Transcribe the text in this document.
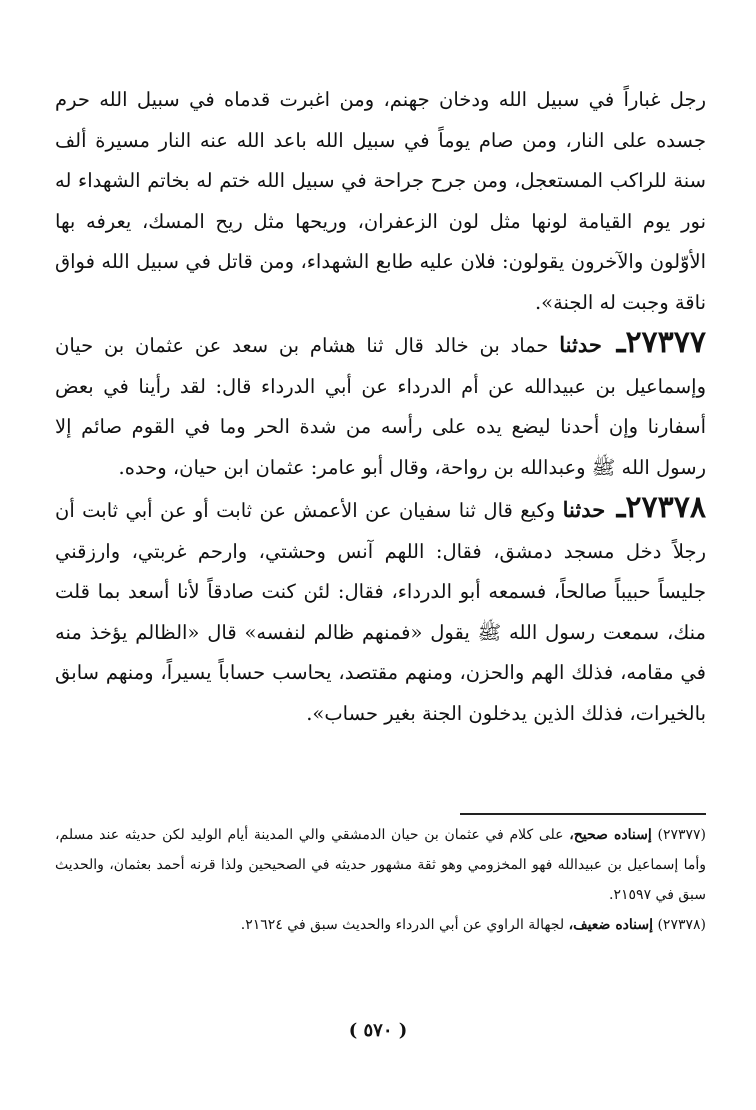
رجل غباراً في سبيل الله ودخان جهنم، ومن اغبرت قدماه في سبيل الله حرم جسده على النار، ومن صام يوماً في سبيل الله باعد الله عنه النار مسيرة ألف سنة للراكب المستعجل، ومن جرح جراحة في سبيل الله ختم له بخاتم الشهداء له نور يوم القيامة لونها مثل لون الزعفران، وريحها مثل ريح المسك، يعرفه بها الأوّلون والآخرون يقولون: فلان عليه طابع الشهداء، ومن قاتل في سبيل الله فواق ناقة وجبت له الجنة».

٢٧٣٧٧ـ حدثنا حماد بن خالد قال ثنا هشام بن سعد عن عثمان بن حيان وإسماعيل بن عبيدالله عن أم الدرداء عن أبي الدرداء قال: لقد رأينا في بعض أسفارنا وإن أحدنا ليضع يده على رأسه من شدة الحر وما في القوم صائم إلا رسول الله ﷺ وعبدالله بن رواحة، وقال أبو عامر: عثمان ابن حيان، وحده.

٢٧٣٧٨ـ حدثنا وكيع قال ثنا سفيان عن الأعمش عن ثابت أو عن أبي ثابت أن رجلاً دخل مسجد دمشق، فقال: اللهم آنس وحشتي، وارحم غربتي، وارزقني جليساً حبيباً صالحاً، فسمعه أبو الدرداء، فقال: لئن كنت صادقاً لأنا أسعد بما قلت منك، سمعت رسول الله ﷺ يقول «فمنهم ظالم لنفسه» قال «الظالم يؤخذ منه في مقامه، فذلك الهم والحزن، ومنهم مقتصد، يحاسب حساباً يسيراً، ومنهم سابق بالخيرات، فذلك الذين يدخلون الجنة بغير حساب».

(٢٧٣٧٧) إسناده صحيح، على كلام في عثمان بن حيان الدمشقي والي المدينة أيام الوليد لكن حديثه عند مسلم، وأما إسماعيل بن عبيدالله فهو المخزومي وهو ثقة مشهور حديثه في الصحيحين ولذا قرنه أحمد بعثمان، والحديث سبق في ٢١٥٩٧.

(٢٧٣٧٨) إسناده ضعيف، لجهالة الراوي عن أبي الدرداء والحديث سبق في ٢١٦٢٤.

( ٥٧٠ )
